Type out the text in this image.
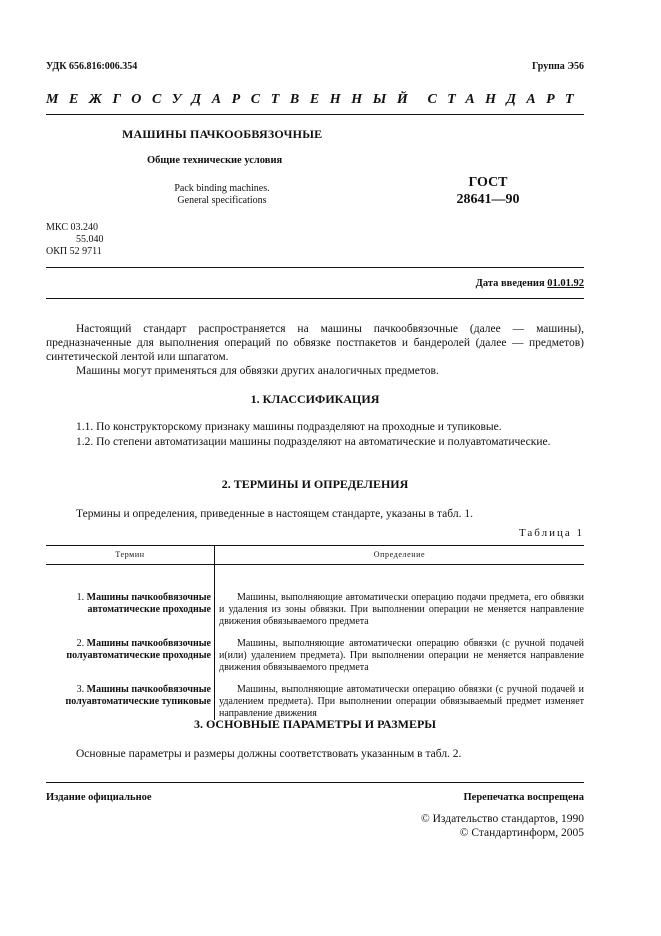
УДК 656.816:006.354	Группа Э56
МЕЖГОСУДАРСТВЕННЫЙ СТАНДАРТ
МАШИНЫ ПАЧКООБВЯЗОЧНЫЕ
Общие технические условия
Pack binding machines.
General specifications
ГОСТ
28641—90
МКС 03.240
55.040
ОКП 52 9711
Дата введения 01.01.92
Настоящий стандарт распространяется на машины пачкообвязочные (далее — машины), предназначенные для выполнения операций по обвязке постпакетов и бандеролей (далее — предметов) синтетической лентой или шпагатом.
Машины могут применяться для обвязки других аналогичных предметов.
1. КЛАССИФИКАЦИЯ
1.1. По конструкторскому признаку машины подразделяют на проходные и тупиковые.
1.2. По степени автоматизации машины подразделяют на автоматические и полуавтоматические.
2. ТЕРМИНЫ И ОПРЕДЕЛЕНИЯ
Термины и определения, приведенные в настоящем стандарте, указаны в табл. 1.
Таблица 1
Термин	Определение
1. Машины пачкообвязочные автоматические проходные	Машины, выполняющие автоматически операцию подачи предмета, его обвязки и удаления из зоны обвязки. При выполнении операции не меняется направление движения обвязываемого предмета
2. Машины пачкообвязочные полуавтоматические проходные	Машины, выполняющие автоматически операцию обвязки (с ручной подачей и(или) удалением предмета). При выполнении операции не меняется направление движения обвязываемого предмета
3. Машины пачкообвязочные полуавтоматические тупиковые	Машины, выполняющие автоматически операцию обвязки (с ручной подачей и удалением предмета). При выполнении операции обвязываемый предмет изменяет направление движения
3. ОСНОВНЫЕ ПАРАМЕТРЫ И РАЗМЕРЫ
Основные параметры и размеры должны соответствовать указанным в табл. 2.
Издание официальное	Перепечатка воспрещена
© Издательство стандартов, 1990
© Стандартинформ, 2005
